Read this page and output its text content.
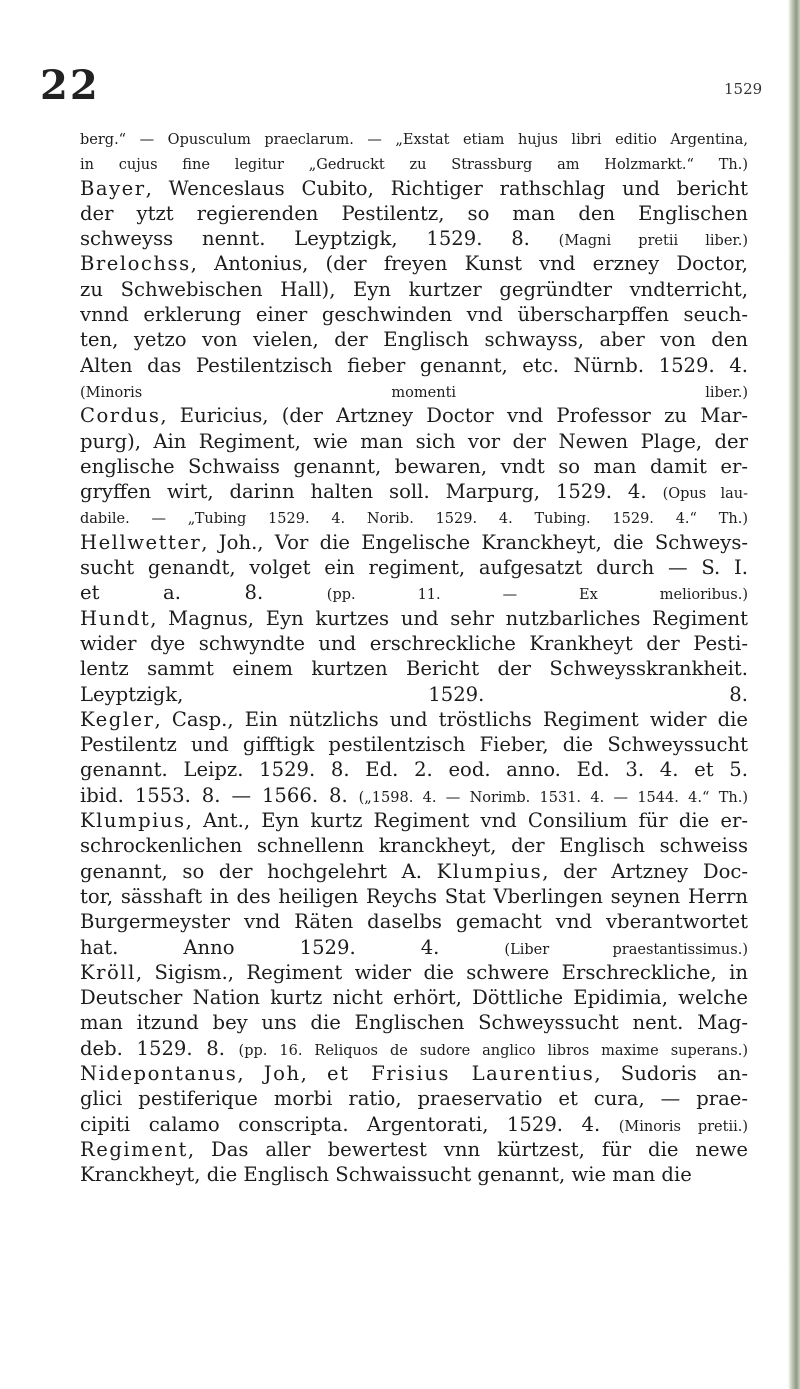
22	1529
berg.“ — Opusculum praeclarum. — „Exstat etiam hujus libri editio Argentina,
in cujus fine legitur „Gedruckt zu Strassburg am Holzmarkt.“ Th.)
Bayer, Wenceslaus Cubito, Richtiger rathschlag und bericht
der ytzt regierenden Pestilentz, so man den Englischen
schweyss nennt. Leyptzigk, 1529. 8. (Magni pretii liber.)
Brelochss, Antonius, (der freyen Kunst vnd erzney Doctor,
zu Schwebischen Hall), Eyn kurtzer gegründter vndterricht,
vnnd erklerung einer geschwinden vnd überscharpffen seuch-
ten, yetzo von vielen, der Englisch schwayss, aber von den
Alten das Pestilentzisch fieber genannt, etc. Nürnb. 1529. 4.
(Minoris momenti liber.)
Cordus, Euricius, (der Artzney Doctor vnd Professor zu Mar-
purg), Ain Regiment, wie man sich vor der Newen Plage, der
englische Schwaiss genannt, bewaren, vndt so man damit er-
gryffen wirt, darinn halten soll. Marpurg, 1529. 4. (Opus lau-
dabile. — „Tubing 1529. 4. Norib. 1529. 4. Tubing. 1529. 4.“ Th.)
Hellwetter, Joh., Vor die Engelische Kranckheyt, die Schweys-
sucht genandt, volget ein regiment, aufgesatzt durch — S. I.
et a. 8. (pp. 11. — Ex melioribus.)
Hundt, Magnus, Eyn kurtzes und sehr nutzbarliches Regiment
wider dye schwyndte und erschreckliche Krankheyt der Pesti-
lentz sammt einem kurtzen Bericht der Schweysskrankheit.
Leyptzigk, 1529. 8.
Kegler, Casp., Ein nützlichs und tröstlichs Regiment wider die
Pestilentz und gifftigk pestilentzisch Fieber, die Schweyssucht
genannt. Leipz. 1529. 8. Ed. 2. eod. anno. Ed. 3. 4. et 5.
ibid. 1553. 8. — 1566. 8. („1598. 4. — Norimb. 1531. 4. — 1544. 4.“ Th.)
Klumpius, Ant., Eyn kurtz Regiment vnd Consilium für die er-
schrockenlichen schnellenn kranckheyt, der Englisch schweiss
genannt, so der hochgelehrt A. Klumpius, der Artzney Doc-
tor, sässhaft in des heiligen Reychs Stat Vberlingen seynen Herrn
Burgermeyster vnd Räten daselbs gemacht vnd vberantwortet
hat. Anno 1529. 4. (Liber praestantissimus.)
Kröll, Sigism., Regiment wider die schwere Erschreckliche, in
Deutscher Nation kurtz nicht erhört, Döttliche Epidimia, welche
man itzund bey uns die Englischen Schweyssucht nent. Mag-
deb. 1529. 8. (pp. 16. Reliquos de sudore anglico libros maxime superans.)
Nidepontanus, Joh, et Frisius Laurentius, Sudoris an-
glici pestiferique morbi ratio, praeservatio et cura, — prae-
cipiti calamo conscripta. Argentorati, 1529. 4. (Minoris pretii.)
Regiment, Das aller bewertest vnn kürtzest, für die newe
Kranckheyt, die Englisch Schwaissucht genannt, wie man die
